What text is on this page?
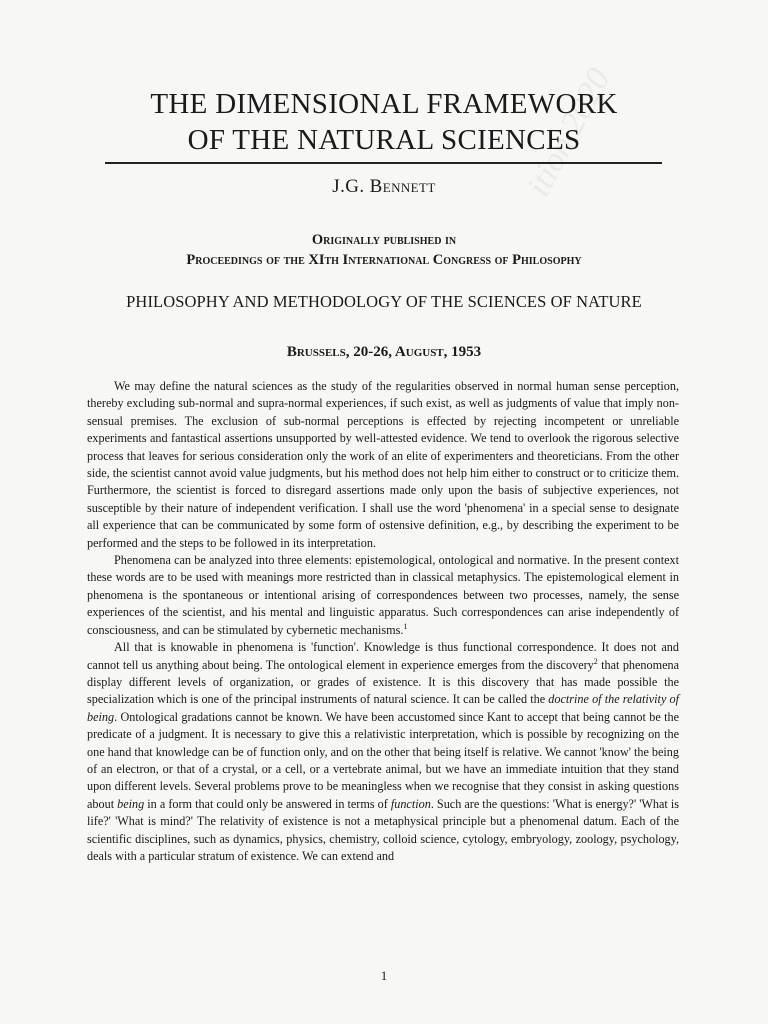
ition 2020
THE DIMENSIONAL FRAMEWORK
OF THE NATURAL SCIENCES
J.G. Bennett
Originally published in
Proceedings of the XIth International Congress of Philosophy
PHILOSOPHY AND METHODOLOGY OF THE SCIENCES OF NATURE
Brussels, 20-26, August, 1953

We may define the natural sciences as the study of the regularities observed in normal human sense perception, thereby excluding sub-normal and supra-normal experiences, if such exist, as well as judgments of value that imply non-sensual premises. The exclusion of sub-normal perceptions is effected by rejecting incompetent or unreliable experiments and fantastical assertions unsupported by well-attested evidence. We tend to overlook the rigorous selective process that leaves for serious consideration only the work of an elite of experimenters and theoreticians. From the other side, the scientist cannot avoid value judgments, but his method does not help him either to construct or to criticize them. Furthermore, the scientist is forced to disregard assertions made only upon the basis of subjective experiences, not susceptible by their nature of independent verification. I shall use the word 'phenomena' in a special sense to designate all experience that can be communicated by some form of ostensive definition, e.g., by describing the experiment to be performed and the steps to be followed in its interpretation.

Phenomena can be analyzed into three elements: epistemological, ontological and normative. In the present context these words are to be used with meanings more restricted than in classical metaphysics. The epistemological element in phenomena is the spontaneous or intentional arising of correspondences between two processes, namely, the sense experiences of the scientist, and his mental and linguistic apparatus. Such correspondences can arise independently of consciousness, and can be stimulated by cybernetic mechanisms.$^1$

All that is knowable in phenomena is 'function'. Knowledge is thus functional correspondence. It does not and cannot tell us anything about being. The ontological element in experience emerges from the discovery$^2$ that phenomena display different levels of organization, or grades of existence. It is this discovery that has made possible the specialization which is one of the principal instruments of natural science. It can be called the doctrine of the relativity of being. Ontological gradations cannot be known. We have been accustomed since Kant to accept that being cannot be the predicate of a judgment. It is necessary to give this a relativistic interpretation, which is possible by recognizing on the one hand that knowledge can be of function only, and on the other that being itself is relative. We cannot 'know' the being of an electron, or that of a crystal, or a cell, or a vertebrate animal, but we have an immediate intuition that they stand upon different levels. Several problems prove to be meaningless when we recognise that they consist in asking questions about being in a form that could only be answered in terms of function. Such are the questions: 'What is energy?' 'What is life?' 'What is mind?' The relativity of existence is not a metaphysical principle but a phenomenal datum. Each of the scientific disciplines, such as dynamics, physics, chemistry, colloid science, cytology, embryology, zoology, psychology, deals with a particular stratum of existence. We can extend and

1
